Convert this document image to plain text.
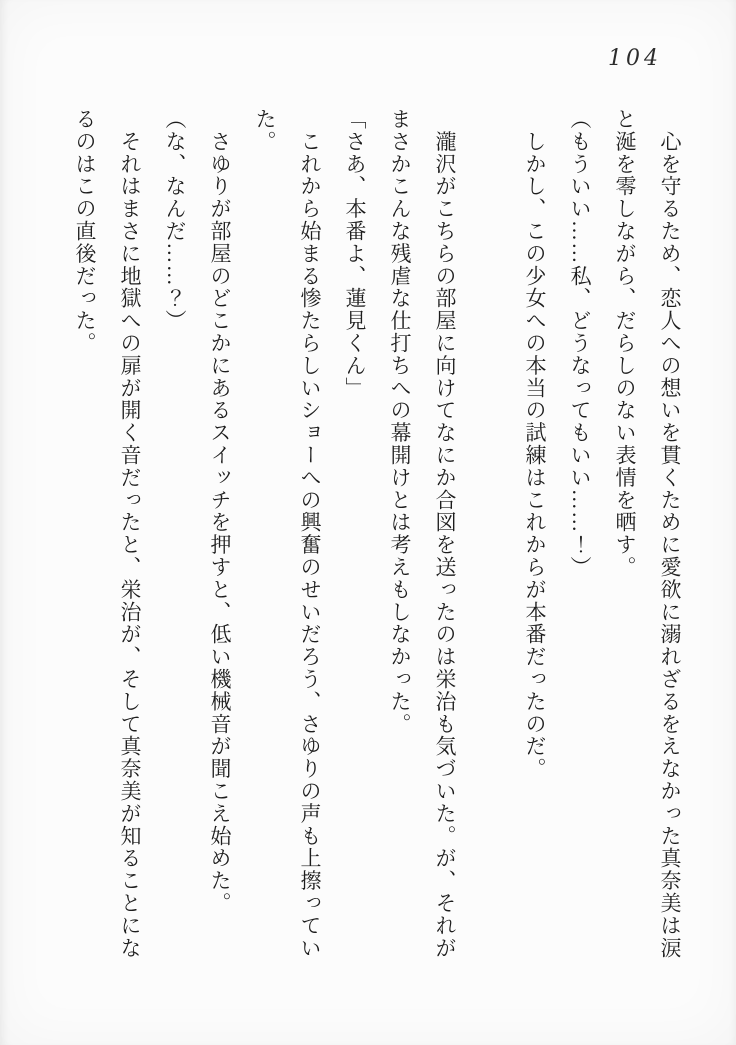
104

　心を守るため、恋人への想いを貫くために愛欲に溺れざるをえなかった真奈美は涙

と涎を零しながら、だらしのない表情を晒す。

（もういい……私、どうなってもいい……！）

　しかし、この少女への本当の試練はこれからが本番だったのだ。

　瀧沢がこちらの部屋に向けてなにか合図を送ったのは栄治も気づいた。が、それが

まさかこんな残虐な仕打ちへの幕開けとは考えもしなかった。

「さあ、本番よ、蓮見くん」

　これから始まる惨たらしいショーへの興奮のせいだろう、さゆりの声も上擦ってい

た。

　さゆりが部屋のどこかにあるスイッチを押すと、低い機械音が聞こえ始めた。

（な、なんだ……？）

　それはまさに地獄への扉が開く音だったと、栄治が、そして真奈美が知ることにな

るのはこの直後だった。
